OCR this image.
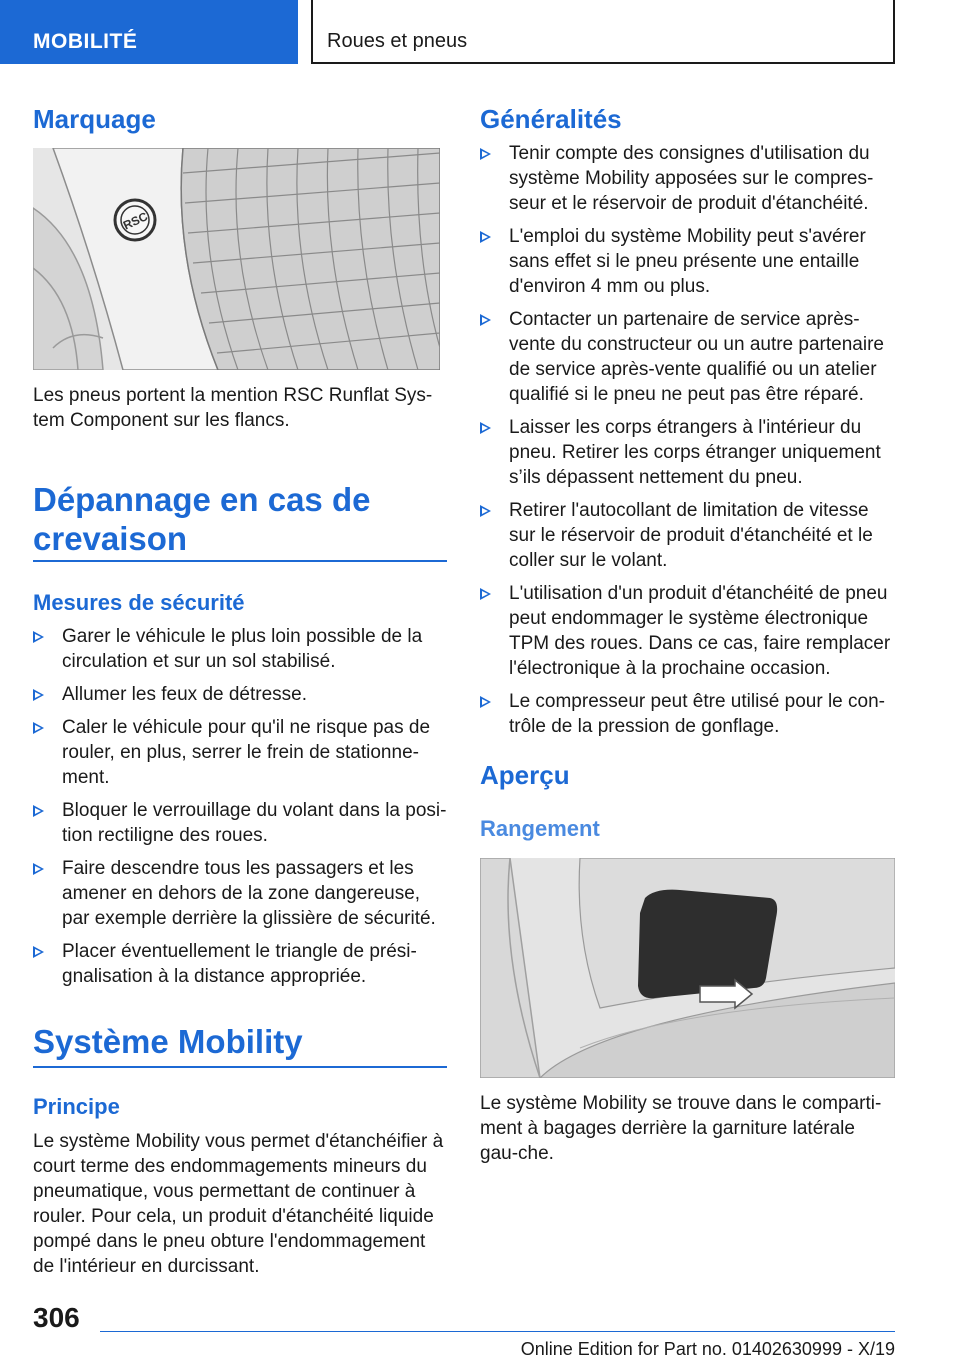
MOBILITÉ	Roues et pneus
Marquage
RSC
Les pneus portent la mention RSC Runflat Sys-tem Component sur les flancs.
Dépannage en cas de crevaison
Mesures de sécurité
Garer le véhicule le plus loin possible de la circulation et sur un sol stabilisé.
Allumer les feux de détresse.
Caler le véhicule pour qu'il ne risque pas de rouler, en plus, serrer le frein de stationne-ment.
Bloquer le verrouillage du volant dans la posi-tion rectiligne des roues.
Faire descendre tous les passagers et les amener en dehors de la zone dangereuse, par exemple derrière la glissière de sécurité.
Placer éventuellement le triangle de prési-gnalisation à la distance appropriée.
Système Mobility
Principe
Le système Mobility vous permet d'étanchéifier à court terme des endommagements mineurs du pneumatique, vous permettant de continuer à rouler. Pour cela, un produit d'étanchéité liquide pompé dans le pneu obture l'endommagement de l'intérieur en durcissant.
Généralités
Tenir compte des consignes d'utilisation du système Mobility apposées sur le compres-seur et le réservoir de produit d'étanchéité.
L'emploi du système Mobility peut s'avérer sans effet si le pneu présente une entaille d'environ 4 mm ou plus.
Contacter un partenaire de service après-vente du constructeur ou un autre partenaire de service après-vente qualifié ou un atelier qualifié si le pneu ne peut pas être réparé.
Laisser les corps étrangers à l'intérieur du pneu. Retirer les corps étranger uniquement s’ils dépassent nettement du pneu.
Retirer l'autocollant de limitation de vitesse sur le réservoir de produit d'étanchéité et le coller sur le volant.
L'utilisation d'un produit d'étanchéité de pneu peut endommager le système électronique TPM des roues. Dans ce cas, faire remplacer l'électronique à la prochaine occasion.
Le compresseur peut être utilisé pour le con-trôle de la pression de gonflage.
Aperçu
Rangement
Le système Mobility se trouve dans le comparti-ment à bagages derrière la garniture latérale gau-che.
306
Online Edition for Part no. 01402630999 - X/19
